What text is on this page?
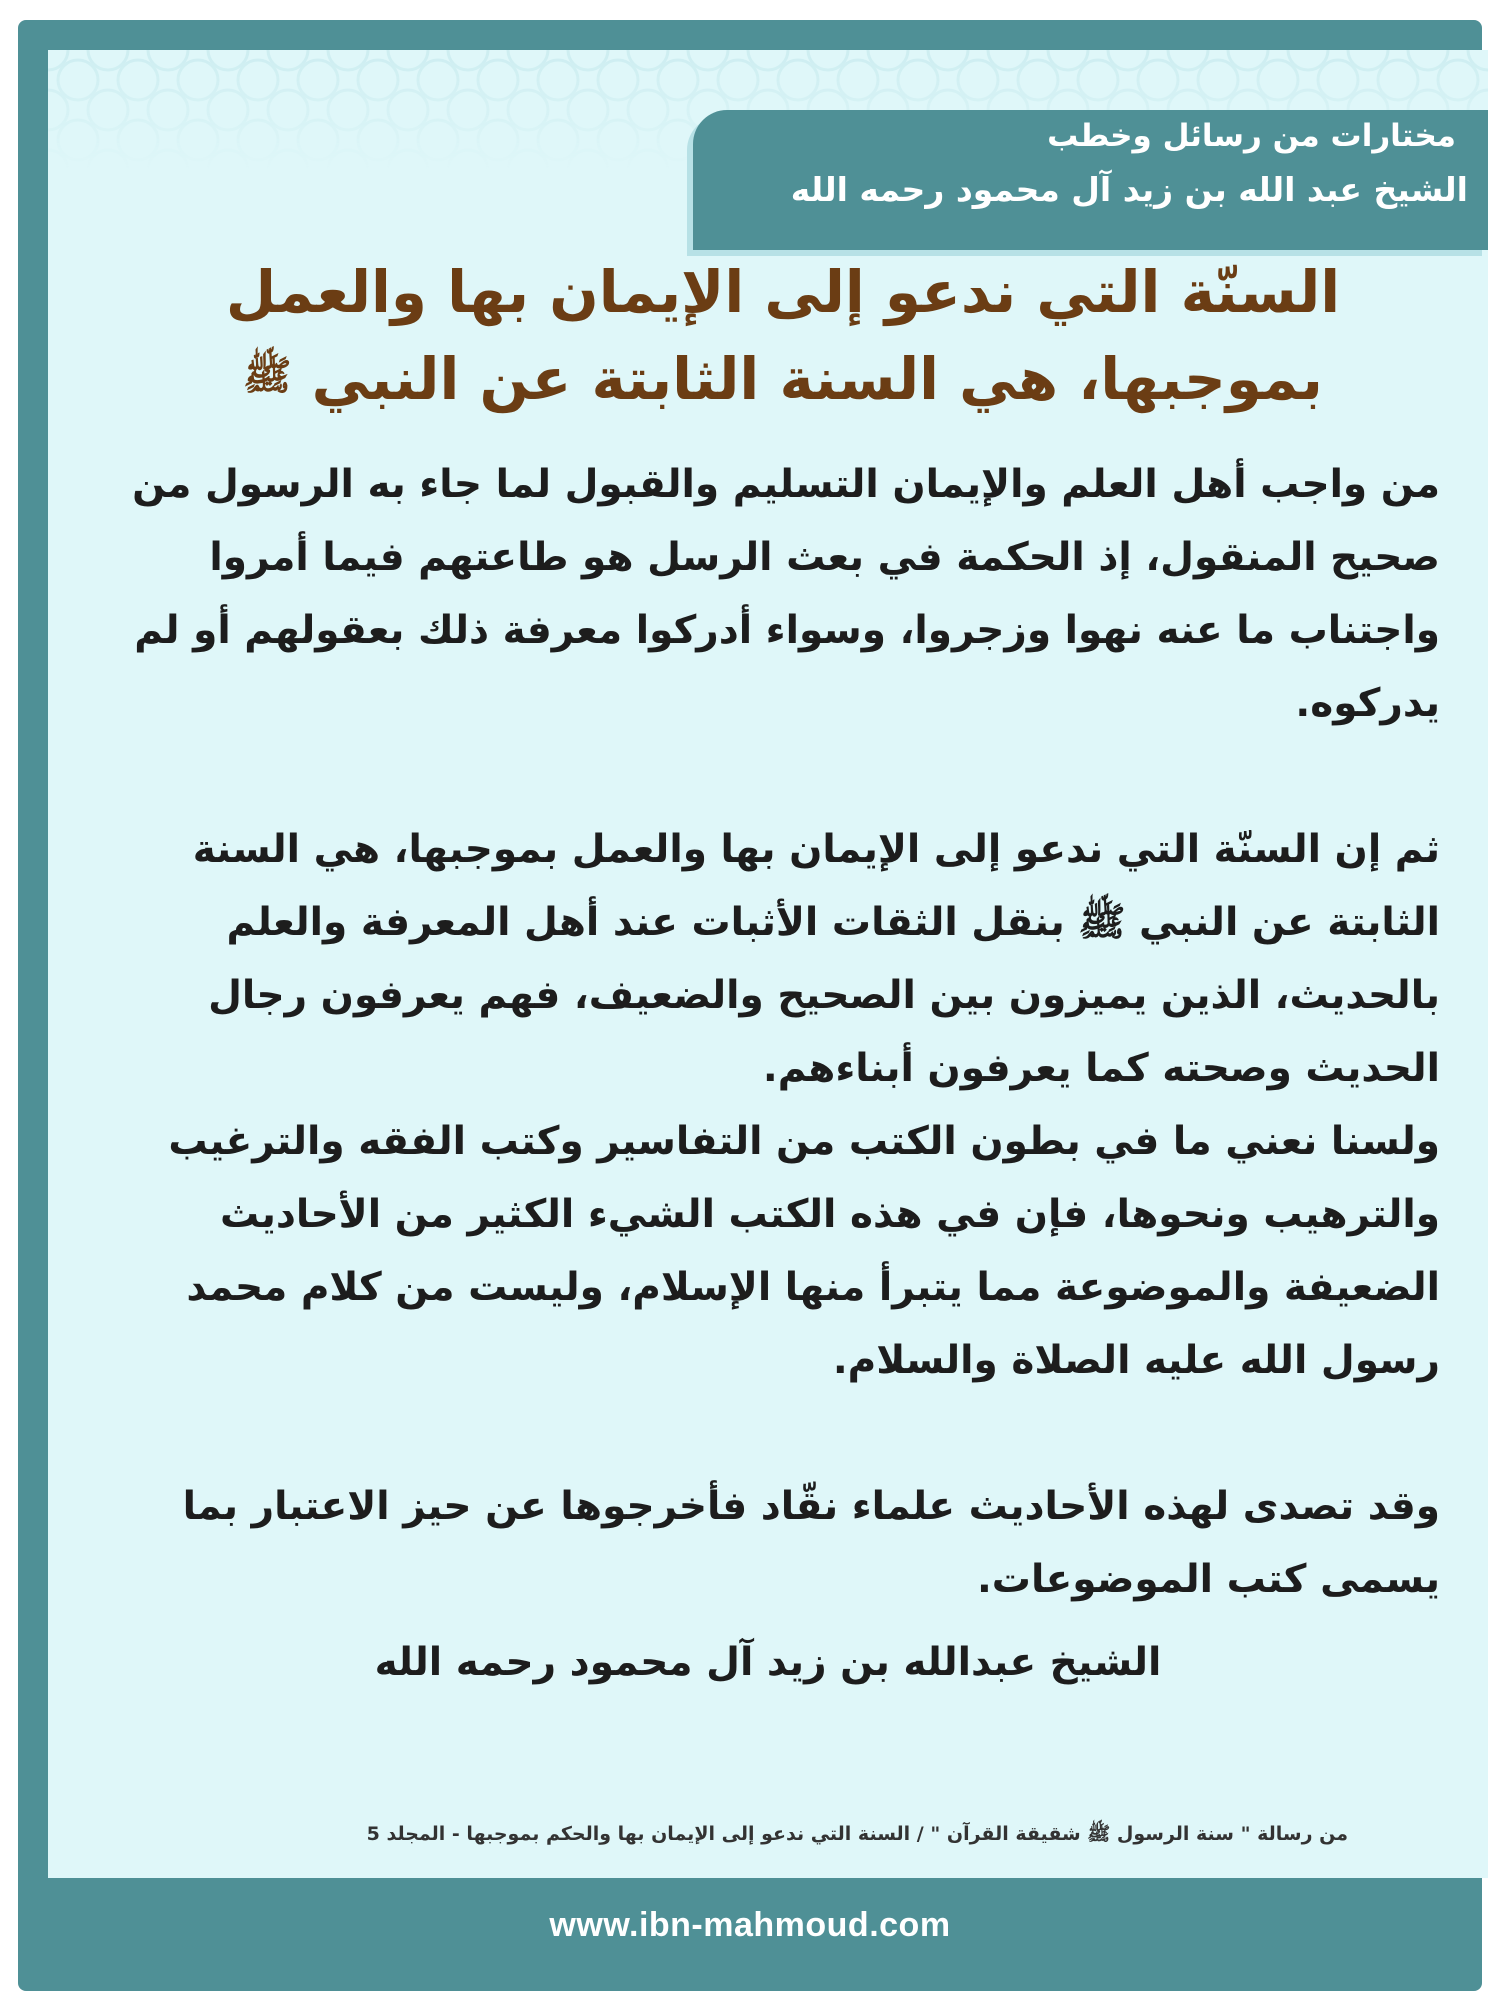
مختارات من رسائل وخطب
الشيخ عبد الله بن زيد آل محمود رحمه الله
السنّة التي ندعو إلى الإيمان بها والعمل
بموجبها، هي السنة الثابتة عن النبي ﷺ
من واجب أهل العلم والإيمان التسليم والقبول لما جاء به الرسول من
صحيح المنقول، إذ الحكمة في بعث الرسل هو طاعتهم فيما أمروا
واجتناب ما عنه نهوا وزجروا، وسواء أدركوا معرفة ذلك بعقولهم أو لم
يدركوه.
ثم إن السنّة التي ندعو إلى الإيمان بها والعمل بموجبها، هي السنة
الثابتة عن النبي ﷺ بنقل الثقات الأثبات عند أهل المعرفة والعلم
بالحديث، الذين يميزون بين الصحيح والضعيف، فهم يعرفون رجال
الحديث وصحته كما يعرفون أبناءهم.
ولسنا نعني ما في بطون الكتب من التفاسير وكتب الفقه والترغيب
والترهيب ونحوها، فإن في هذه الكتب الشيء الكثير من الأحاديث
الضعيفة والموضوعة مما يتبرأ منها الإسلام، وليست من كلام محمد
رسول الله عليه الصلاة والسلام.
وقد تصدى لهذه الأحاديث علماء نقّاد فأخرجوها عن حيز الاعتبار بما
يسمى كتب الموضوعات.
الشيخ عبدالله بن زيد آل محمود رحمه الله
من رسالة " سنة الرسول ﷺ شقيقة القرآن " / السنة التي ندعو إلى الإيمان بها والحكم بموجبها - المجلد 5
www.ibn-mahmoud.com
